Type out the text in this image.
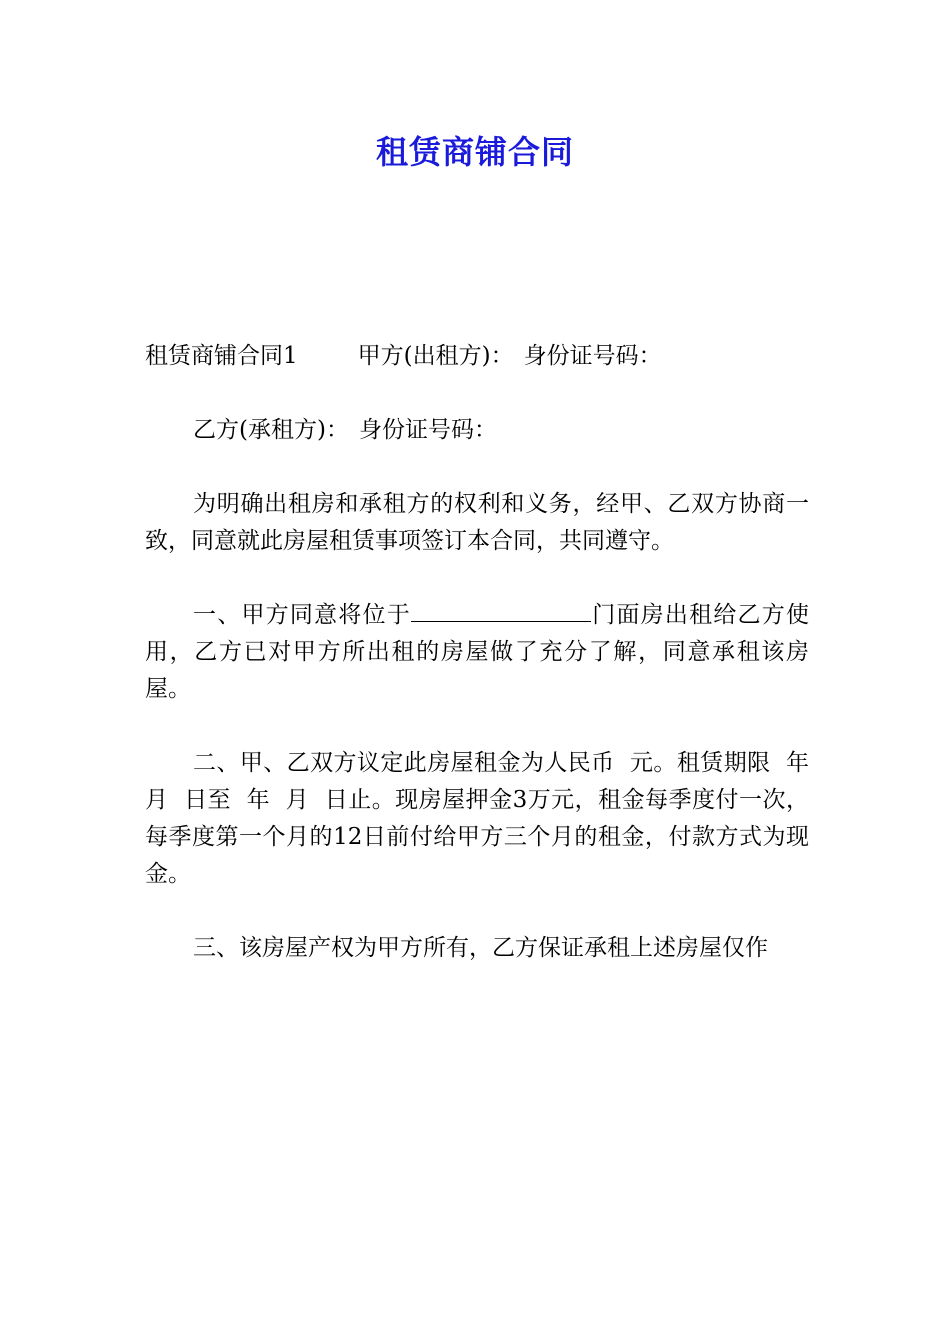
租赁商铺合同

租赁商铺合同1	甲方(出租方)： 身份证号码：

乙方(承租方)： 身份证号码：

为明确出租房和承租方的权利和义务，经甲、乙双方协商一致，同意就此房屋租赁事项签订本合同，共同遵守。

一、甲方同意将位于	门面房出租给乙方使用，乙方已对甲方所出租的房屋做了充分了解，同意承租该房屋。

二、甲、乙双方议定此房屋租金为人民币  元。租赁期限  年  月  日至  年  月  日止。现房屋押金3万元，租金每季度付一次，每季度第一个月的12日前付给甲方三个月的租金，付款方式为现金。

三、该房屋产权为甲方所有，乙方保证承租上述房屋仅作
